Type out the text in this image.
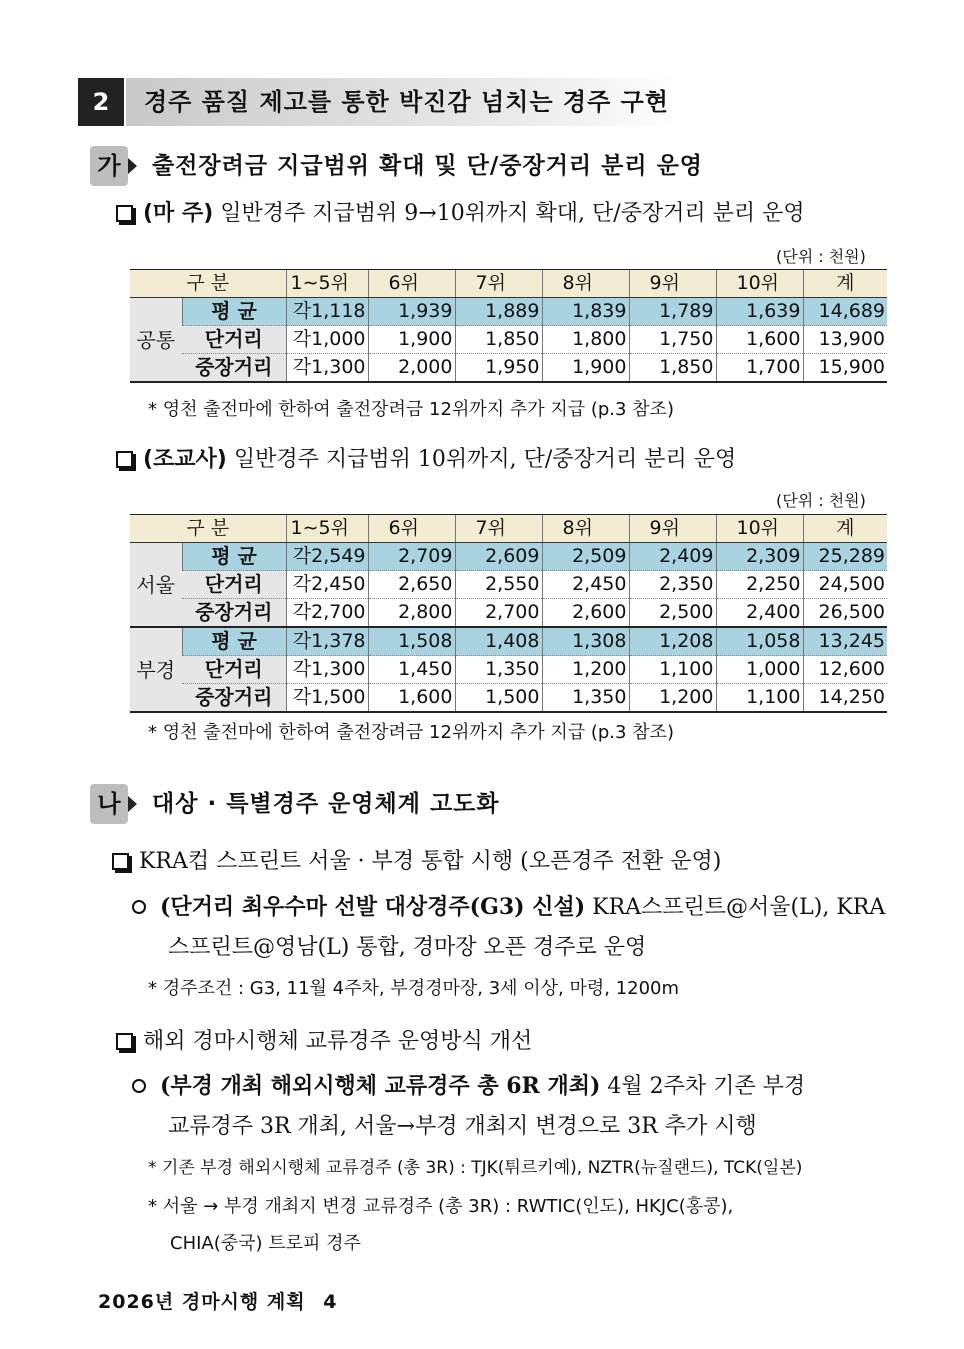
2	경주 품질 제고를 통한 박진감 넘치는 경주 구현
가	출전장려금 지급범위 확대 및 단/중장거리 분리 운영
(마 주) 일반경주 지급범위 9→10위까지 확대, 단/중장거리 분리 운영
(단위 : 천원)
구 분		1∼5위	6위	7위	8위	9위	10위	계
공통	평 균	각1,118	1,939	1,889	1,839	1,789	1,639	14,689
	단거리	각1,000	1,900	1,850	1,800	1,750	1,600	13,900
	중장거리	각1,300	2,000	1,950	1,900	1,850	1,700	15,900
* 영천 출전마에 한하여 출전장려금 12위까지 추가 지급 (p.3 참조)
(조교사) 일반경주 지급범위 10위까지, 단/중장거리 분리 운영
(단위 : 천원)
구 분		1∼5위	6위	7위	8위	9위	10위	계
서울	평 균	각2,549	2,709	2,609	2,509	2,409	2,309	25,289
	단거리	각2,450	2,650	2,550	2,450	2,350	2,250	24,500
	중장거리	각2,700	2,800	2,700	2,600	2,500	2,400	26,500
부경	평 균	각1,378	1,508	1,408	1,308	1,208	1,058	13,245
	단거리	각1,300	1,450	1,350	1,200	1,100	1,000	12,600
	중장거리	각1,500	1,600	1,500	1,350	1,200	1,100	14,250
* 영천 출전마에 한하여 출전장려금 12위까지 추가 지급 (p.3 참조)
나	대상 · 특별경주 운영체계 고도화
KRA컵 스프린트 서울 · 부경 통합 시행 (오픈경주 전환 운영)
(단거리 최우수마 선발 대상경주(G3) 신설) KRA스프린트@서울(L), KRA
스프린트@영남(L) 통합, 경마장 오픈 경주로 운영
* 경주조건 : G3, 11월 4주차, 부경경마장, 3세 이상, 마령, 1200m
해외 경마시행체 교류경주 운영방식 개선
(부경 개최 해외시행체 교류경주 총 6R 개최) 4월 2주차 기존 부경
교류경주 3R 개최, 서울→부경 개최지 변경으로 3R 추가 시행
* 기존 부경 해외시행체 교류경주 (총 3R) : TJK(튀르키예), NZTR(뉴질랜드), TCK(일본)
* 서울 → 부경 개최지 변경 교류경주 (총 3R) : RWTIC(인도), HKJC(홍콩),
CHIA(중국) 트로피 경주
2026년 경마시행 계획 4
